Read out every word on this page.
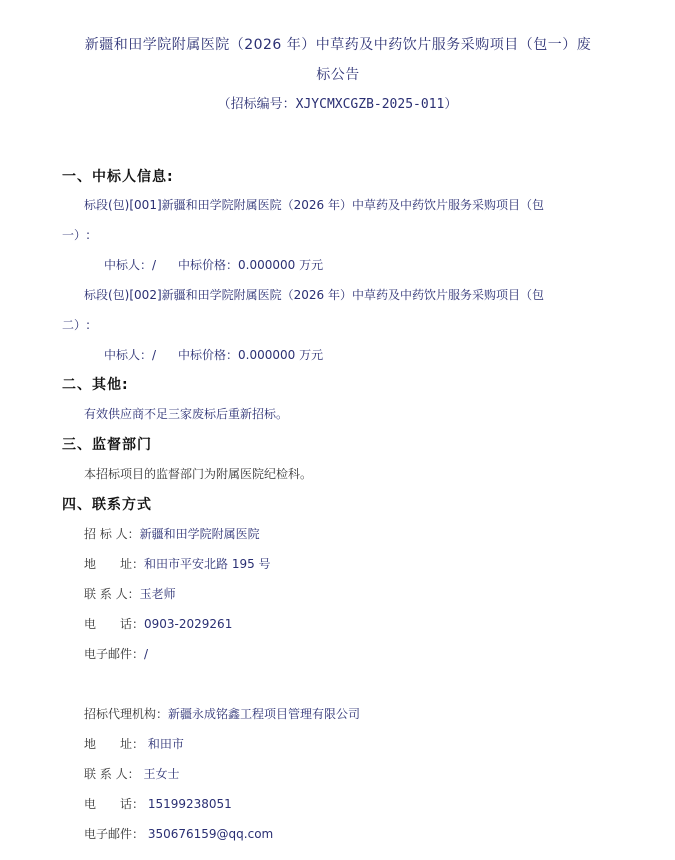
新疆和田学院附属医院（2026 年）中草药及中药饮片服务采购项目（包一）废
标公告
（招标编号：XJYCMXCGZB-2025-011）
一、中标人信息:
标段(包)[001]新疆和田学院附属医院（2026 年）中草药及中药饮片服务采购项目（包
一）:
中标人：/ 中标价格：0.000000 万元
标段(包)[002]新疆和田学院附属医院（2026 年）中草药及中药饮片服务采购项目（包
二）:
中标人：/ 中标价格：0.000000 万元
二、其他:
有效供应商不足三家废标后重新招标。
三、监督部门
本招标项目的监督部门为附属医院纪检科。
四、联系方式
招 标 人：新疆和田学院附属医院
地　　址：和田市平安北路 195 号
联 系 人：玉老师
电　　话：0903-2029261
电子邮件：/
招标代理机构：新疆永成铭鑫工程项目管理有限公司
地　　址： 和田市
联 系 人： 王女士
电　　话： 15199238051
电子邮件： 350676159@qq.com
